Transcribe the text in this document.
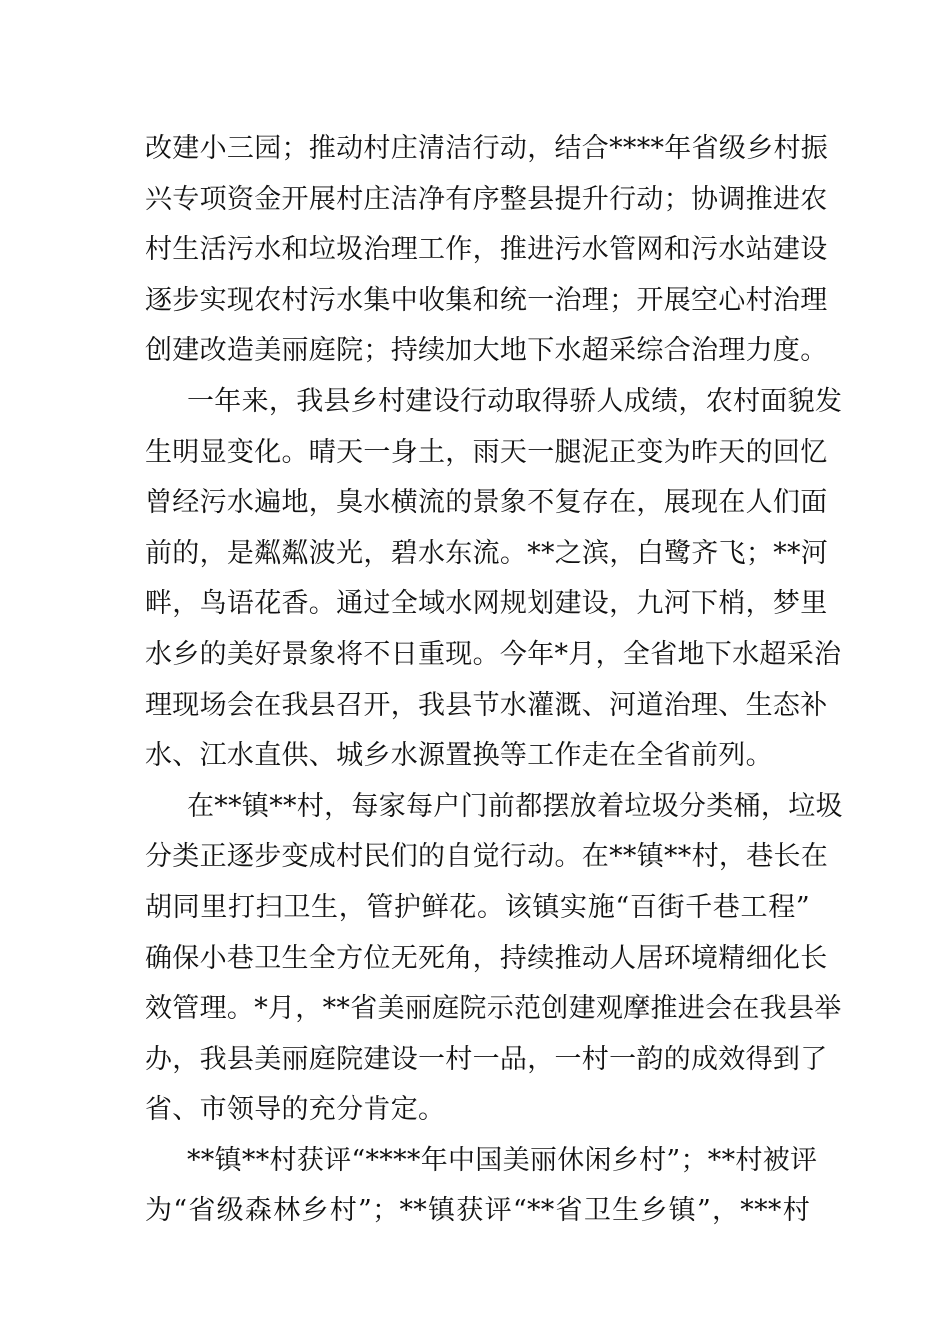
改建小三园；推动村庄清洁行动，结合****年省级乡村振
兴专项资金开展村庄洁净有序整县提升行动；协调推进农
村生活污水和垃圾治理工作，推进污水管网和污水站建设
逐步实现农村污水集中收集和统一治理；开展空心村治理
创建改造美丽庭院；持续加大地下水超采综合治理力度。
一年来，我县乡村建设行动取得骄人成绩，农村面貌发
生明显变化。晴天一身土，雨天一腿泥正变为昨天的回忆
曾经污水遍地，臭水横流的景象不复存在，展现在人们面
前的，是粼粼波光，碧水东流。**之滨，白鹭齐飞；**河
畔，鸟语花香。通过全域水网规划建设，九河下梢，梦里
水乡的美好景象将不日重现。今年*月，全省地下水超采治
理现场会在我县召开，我县节水灌溉、河道治理、生态补
水、江水直供、城乡水源置换等工作走在全省前列。
在**镇**村，每家每户门前都摆放着垃圾分类桶，垃圾
分类正逐步变成村民们的自觉行动。在**镇**村，巷长在
胡同里打扫卫生，管护鲜花。该镇实施“百街千巷工程”
确保小巷卫生全方位无死角，持续推动人居环境精细化长
效管理。*月，**省美丽庭院示范创建观摩推进会在我县举
办，我县美丽庭院建设一村一品，一村一韵的成效得到了
省、市领导的充分肯定。
**镇**村获评“****年中国美丽休闲乡村”；**村被评
为“省级森林乡村”；**镇获评“**省卫生乡镇”，***村
